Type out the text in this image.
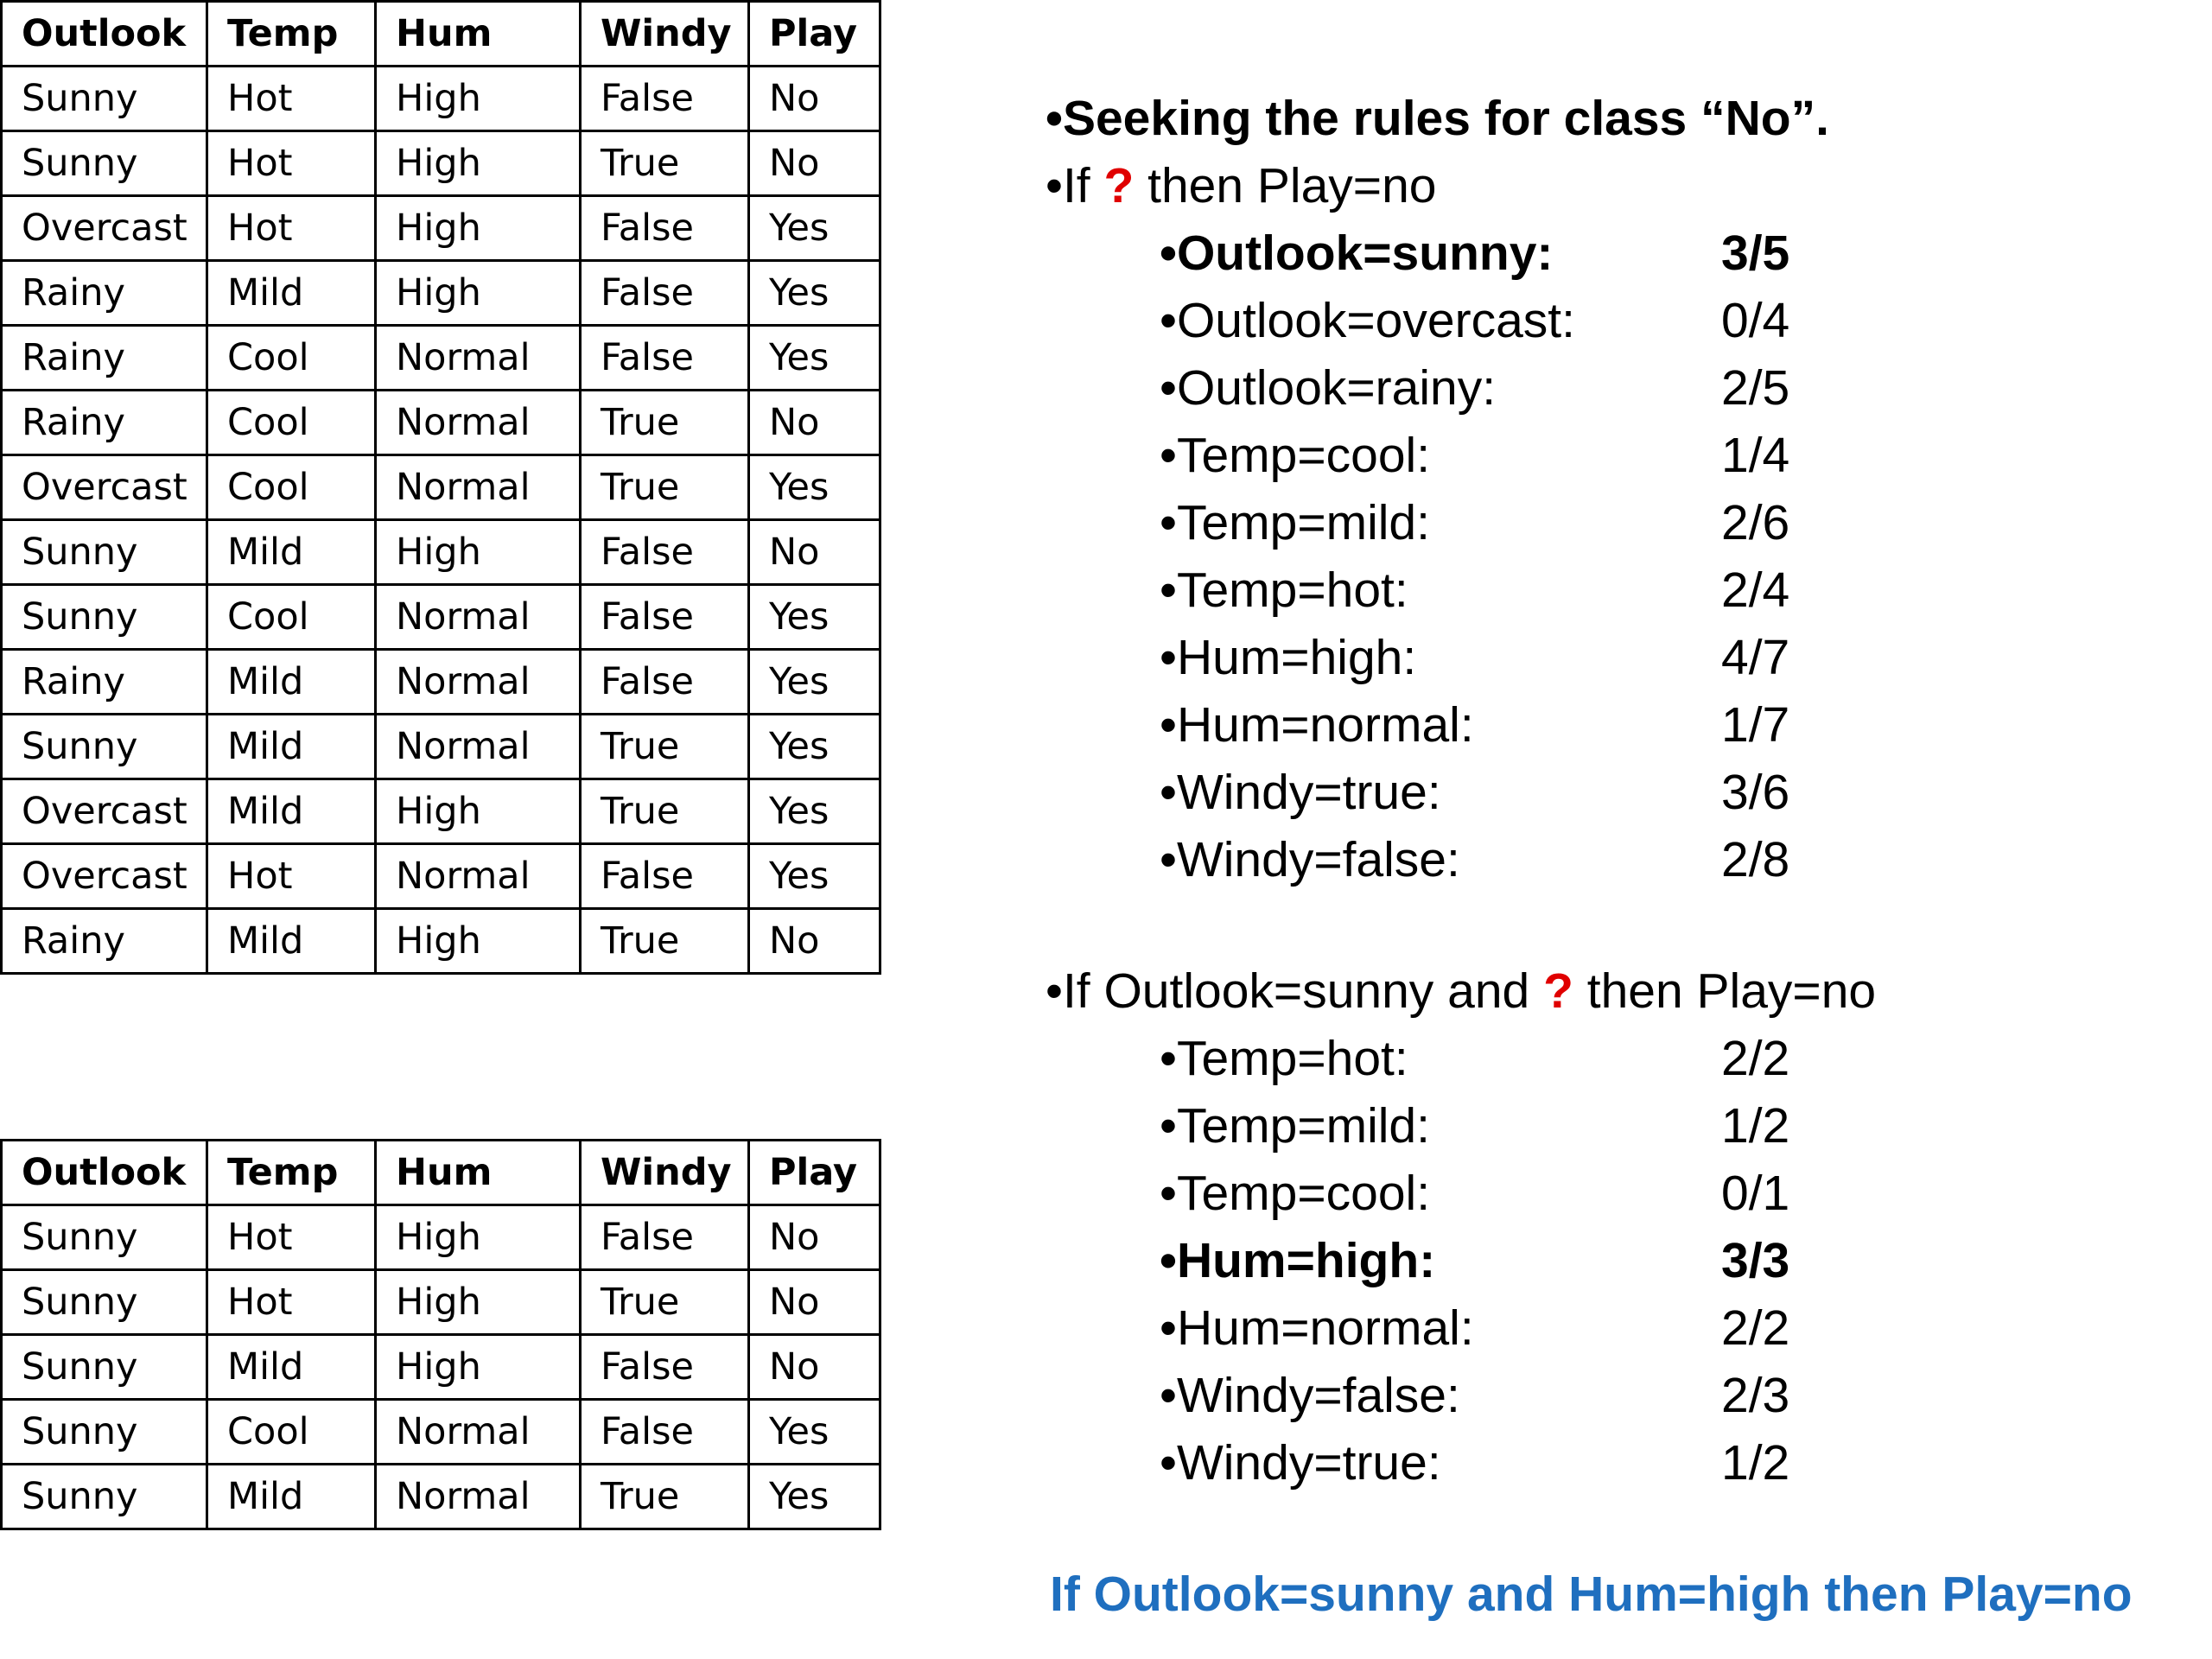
Outlook	Temp	Hum	Windy	Play
Sunny	Hot	High	False	No
Sunny	Hot	High	True	No
Overcast	Hot	High	False	Yes
Rainy	Mild	High	False	Yes
Rainy	Cool	Normal	False	Yes
Rainy	Cool	Normal	True	No
Overcast	Cool	Normal	True	Yes
Sunny	Mild	High	False	No
Sunny	Cool	Normal	False	Yes
Rainy	Mild	Normal	False	Yes
Sunny	Mild	Normal	True	Yes
Overcast	Mild	High	True	Yes
Overcast	Hot	Normal	False	Yes
Rainy	Mild	High	True	No
Outlook	Temp	Hum	Windy	Play
Sunny	Hot	High	False	No
Sunny	Hot	High	True	No
Sunny	Mild	High	False	No
Sunny	Cool	Normal	False	Yes
Sunny	Mild	Normal	True	Yes
•Seeking the rules for class “No”.
•If ? then Play=no
•Outlook=sunny:	3/5
•Outlook=overcast:	0/4
•Outlook=rainy:	2/5
•Temp=cool:	1/4
•Temp=mild:	2/6
•Temp=hot:	2/4
•Hum=high:	4/7
•Hum=normal:	1/7
•Windy=true:	3/6
•Windy=false:	2/8
•If Outlook=sunny and ? then Play=no
•Temp=hot:	2/2
•Temp=mild:	1/2
•Temp=cool:	0/1
•Hum=high:	3/3
•Hum=normal:	2/2
•Windy=false:	2/3
•Windy=true:	1/2
If Outlook=sunny and Hum=high then Play=no
